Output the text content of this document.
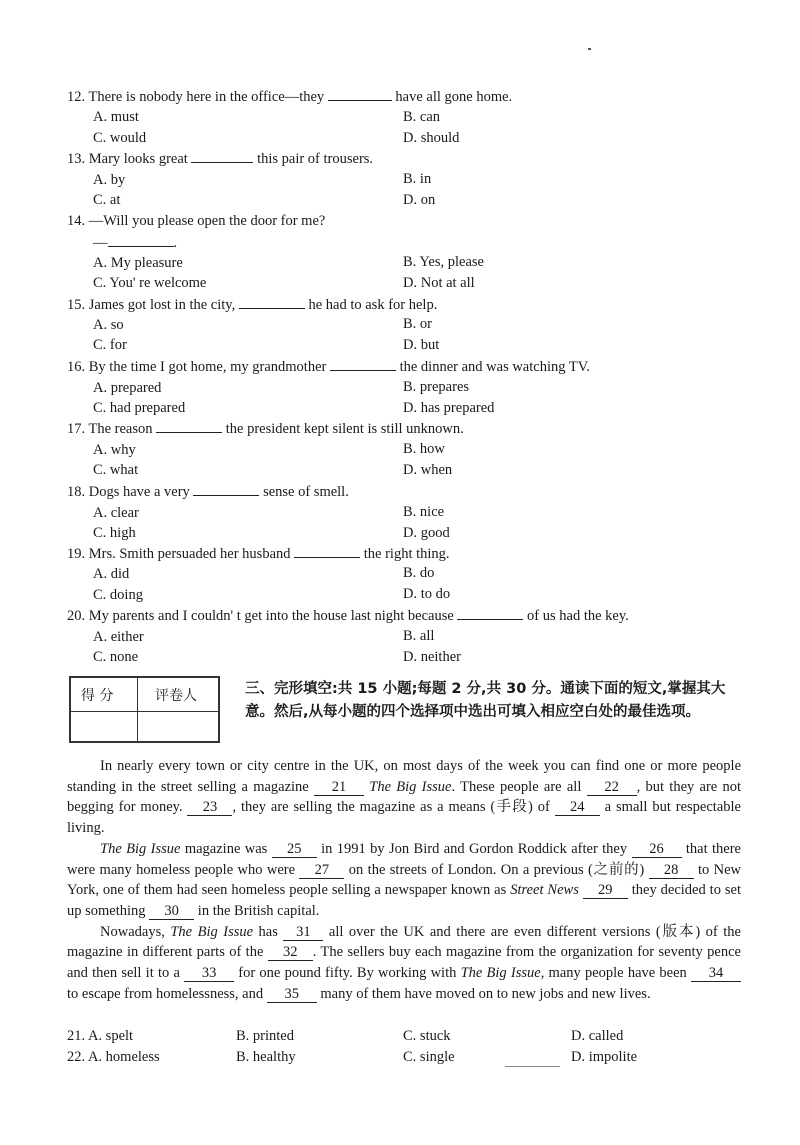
12. There is nobody here in the office—they	have all gone home.
A. must	B. can
C. would	D. should
13. Mary looks great	this pair of trousers.
A. by	B. in
C. at	D. on
14. —Will you please open the door for me?
—	.
A. My pleasure	B. Yes, please
C. You' re welcome	D. Not at all
15. James got lost in the city,	he had to ask for help.
A. so	B. or
C. for	D. but
16. By the time I got home, my grandmother	the dinner and was watching TV.
A. prepared	B. prepares
C. had prepared	D. has prepared
17. The reason	the president kept silent is still unknown.
A. why	B. how
C. what	D. when
18. Dogs have a very	sense of smell.
A. clear	B. nice
C. high	D. good
19. Mrs. Smith persuaded her husband	the right thing.
A. did	B. do
C. doing	D. to do
20. My parents and I couldn' t get into the house last night because	of us had the key.
A. either	B. all
C. none	D. neither
得 分	评卷人	三、完形填空:共 15 小题;每题 2 分,共 30 分。通读下面的短文,掌握其大意。然后,从每小题的四个选择项中选出可填入相应空白处的最佳选项。
In nearly every town or city centre in the UK, on most days of the week you can find one or more people standing in the street selling a magazine 21 The Big Issue. These people are all 22 , but they are not begging for money. 23 , they are selling the magazine as a means (手段) of 24 a small but respectable living.
The Big Issue magazine was 25 in 1991 by Jon Bird and Gordon Roddick after they 26 that there were many homeless people who were 27 on the streets of London. On a previous (之前的) 28 to New York, one of them had seen homeless people selling a newspaper known as Street News 29 they decided to set up something 30 in the British capital.
Nowadays, The Big Issue has 31 all over the UK and there are even different versions (版本) of the magazine in different parts of the 32 . The sellers buy each magazine from the organization for seventy pence and then sell it to a 33 for one pound fifty. By working with The Big Issue, many people have been 34 to escape from homelessness, and 35 many of them have moved on to new jobs and new lives.
21. A. spelt	B. printed	C. stuck	D. called
22. A. homeless	B. healthy	C. single	D. impolite
